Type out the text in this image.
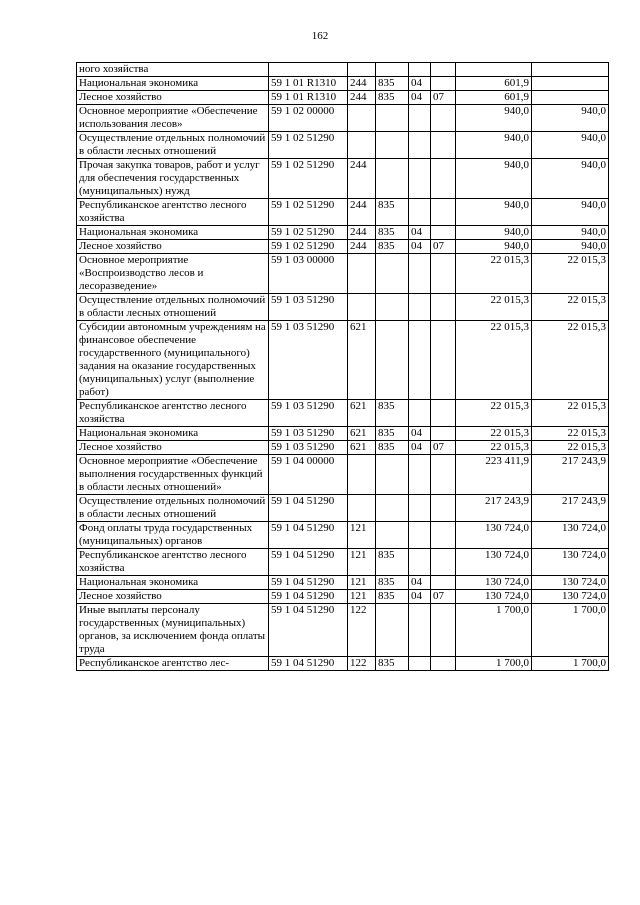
162
ного хозяйства							
Национальная экономика	59 1 01 R1310	244	835	04		601,9	
Лесное хозяйство	59 1 01 R1310	244	835	04	07	601,9	
Основное мероприятие «Обеспечение использования лесов»	59 1 02 00000					940,0	940,0
Осуществление отдельных полномочий в области лесных отношений	59 1 02 51290					940,0	940,0
Прочая закупка товаров, работ и услуг для обеспечения государственных (муниципальных) нужд	59 1 02 51290	244				940,0	940,0
Республиканское агентство лесного хозяйства	59 1 02 51290	244	835			940,0	940,0
Национальная экономика	59 1 02 51290	244	835	04		940,0	940,0
Лесное хозяйство	59 1 02 51290	244	835	04	07	940,0	940,0
Основное мероприятие «Воспроизводство лесов и лесоразведение»	59 1 03 00000					22 015,3	22 015,3
Осуществление отдельных полномочий в области лесных отношений	59 1 03 51290					22 015,3	22 015,3
Субсидии автономным учреждениям на финансовое обеспечение государственного (муниципального) задания на оказание государственных (муниципальных) услуг (выполнение работ)	59 1 03 51290	621				22 015,3	22 015,3
Республиканское агентство лесного хозяйства	59 1 03 51290	621	835			22 015,3	22 015,3
Национальная экономика	59 1 03 51290	621	835	04		22 015,3	22 015,3
Лесное хозяйство	59 1 03 51290	621	835	04	07	22 015,3	22 015,3
Основное мероприятие «Обеспечение выполнения государственных функций в области лесных отношений»	59 1 04 00000					223 411,9	217 243,9
Осуществление отдельных полномочий в области лесных отношений	59 1 04 51290					217 243,9	217 243,9
Фонд оплаты труда государственных (муниципальных) органов	59 1 04 51290	121				130 724,0	130 724,0
Республиканское агентство лесного хозяйства	59 1 04 51290	121	835			130 724,0	130 724,0
Национальная экономика	59 1 04 51290	121	835	04		130 724,0	130 724,0
Лесное хозяйство	59 1 04 51290	121	835	04	07	130 724,0	130 724,0
Иные выплаты персоналу государственных (муниципальных) органов, за исключением фонда оплаты труда	59 1 04 51290	122				1 700,0	1 700,0
Республиканское агентство лес-	59 1 04 51290	122	835			1 700,0	1 700,0
